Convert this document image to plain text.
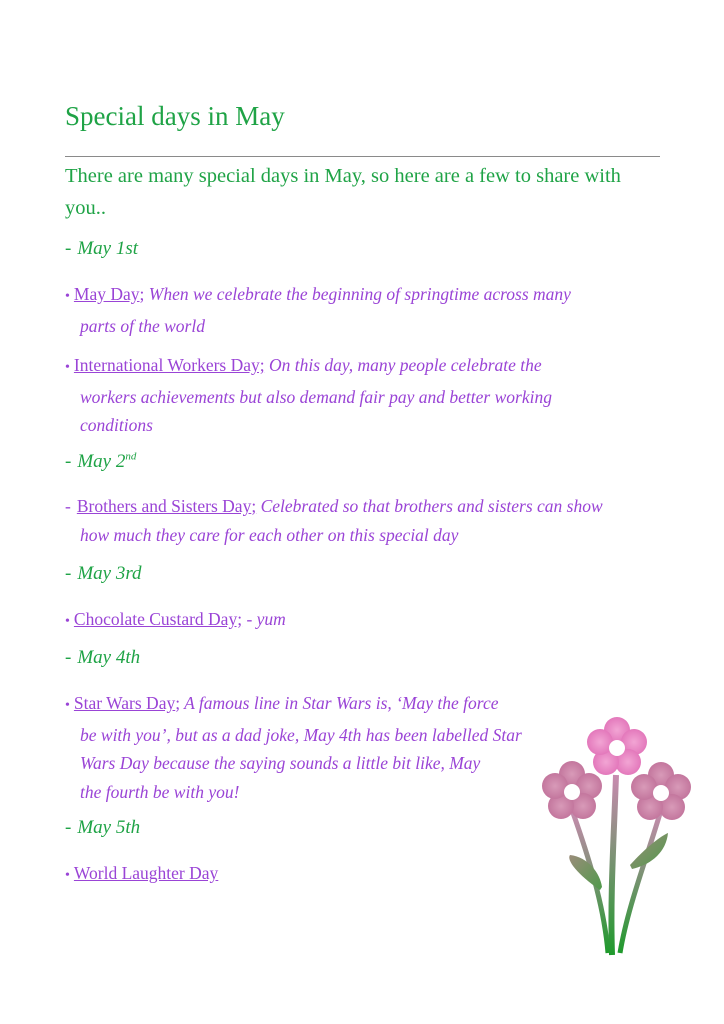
Special days in May

There are many special days in May, so here are a few to share with you..

- May 1st

• May Day; When we celebrate the beginning of springtime across many
parts of the world
• International Workers Day; On this day, many people celebrate the
workers achievements but also demand fair pay and better working
conditions

- May 2nd

- Brothers and Sisters Day; Celebrated so that brothers and sisters can show
how much they care for each other on this special day

- May 3rd

• Chocolate Custard Day; - yum

- May 4th

• Star Wars Day; A famous line in Star Wars is, ‘May the force
be with you’, but as a dad joke, May 4th has been labelled Star
Wars Day because the saying sounds a little bit like, May
the fourth be with you!

- May 5th

• World Laughter Day
